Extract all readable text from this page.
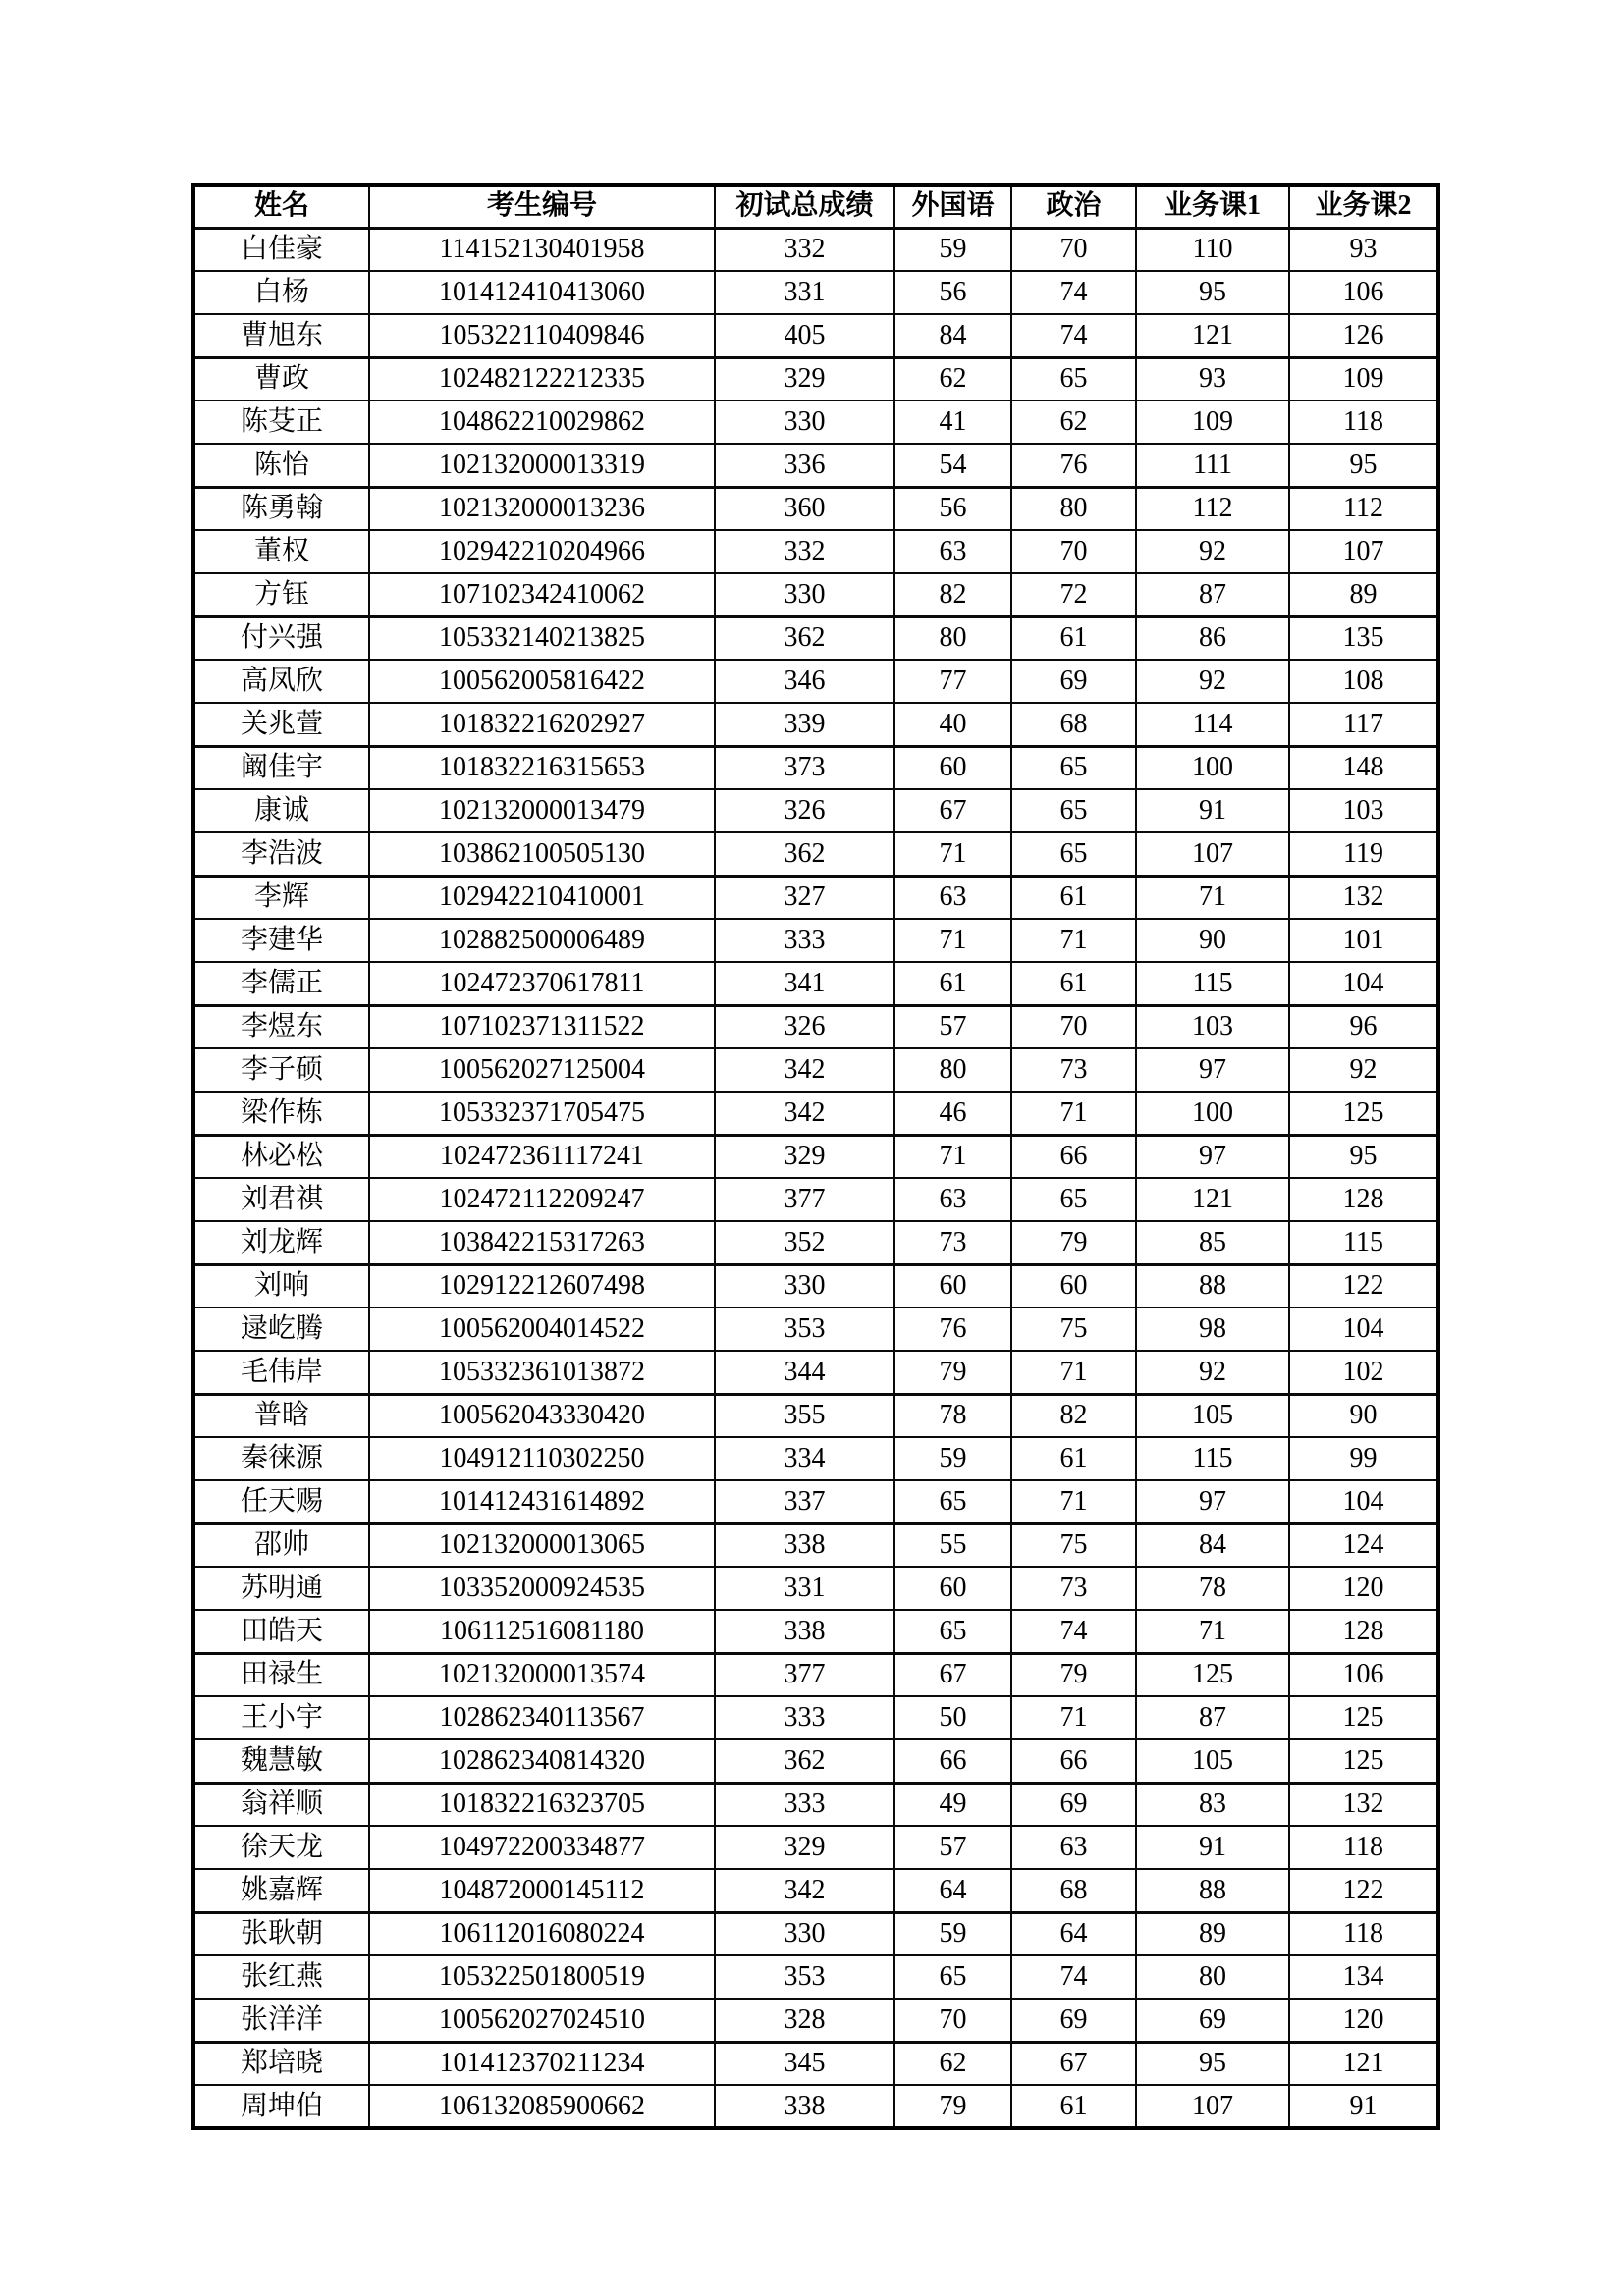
姓名	考生编号	初试总成绩	外国语	政治	业务课1	业务课2
白佳豪	114152130401958	332	59	70	110	93
白杨	101412410413060	331	56	74	95	106
曹旭东	105322110409846	405	84	74	121	126
曹政	102482122212335	329	62	65	93	109
陈芟正	104862210029862	330	41	62	109	118
陈怡	102132000013319	336	54	76	111	95
陈勇翰	102132000013236	360	56	80	112	112
董权	102942210204966	332	63	70	92	107
方钰	107102342410062	330	82	72	87	89
付兴强	105332140213825	362	80	61	86	135
高凤欣	100562005816422	346	77	69	92	108
关兆萱	101832216202927	339	40	68	114	117
阚佳宇	101832216315653	373	60	65	100	148
康诚	102132000013479	326	67	65	91	103
李浩波	103862100505130	362	71	65	107	119
李辉	102942210410001	327	63	61	71	132
李建华	102882500006489	333	71	71	90	101
李儒正	102472370617811	341	61	61	115	104
李煜东	107102371311522	326	57	70	103	96
李子硕	100562027125004	342	80	73	97	92
梁作栋	105332371705475	342	46	71	100	125
林必松	102472361117241	329	71	66	97	95
刘君祺	102472112209247	377	63	65	121	128
刘龙辉	103842215317263	352	73	79	85	115
刘响	102912212607498	330	60	60	88	122
逯屹腾	100562004014522	353	76	75	98	104
毛伟岸	105332361013872	344	79	71	92	102
普晗	100562043330420	355	78	82	105	90
秦徕源	104912110302250	334	59	61	115	99
任天赐	101412431614892	337	65	71	97	104
邵帅	102132000013065	338	55	75	84	124
苏明通	103352000924535	331	60	73	78	120
田皓天	106112516081180	338	65	74	71	128
田禄生	102132000013574	377	67	79	125	106
王小宇	102862340113567	333	50	71	87	125
魏慧敏	102862340814320	362	66	66	105	125
翁祥顺	101832216323705	333	49	69	83	132
徐天龙	104972200334877	329	57	63	91	118
姚嘉辉	104872000145112	342	64	68	88	122
张耿朝	106112016080224	330	59	64	89	118
张红燕	105322501800519	353	65	74	80	134
张洋洋	100562027024510	328	70	69	69	120
郑培晓	101412370211234	345	62	67	95	121
周坤伯	106132085900662	338	79	61	107	91
